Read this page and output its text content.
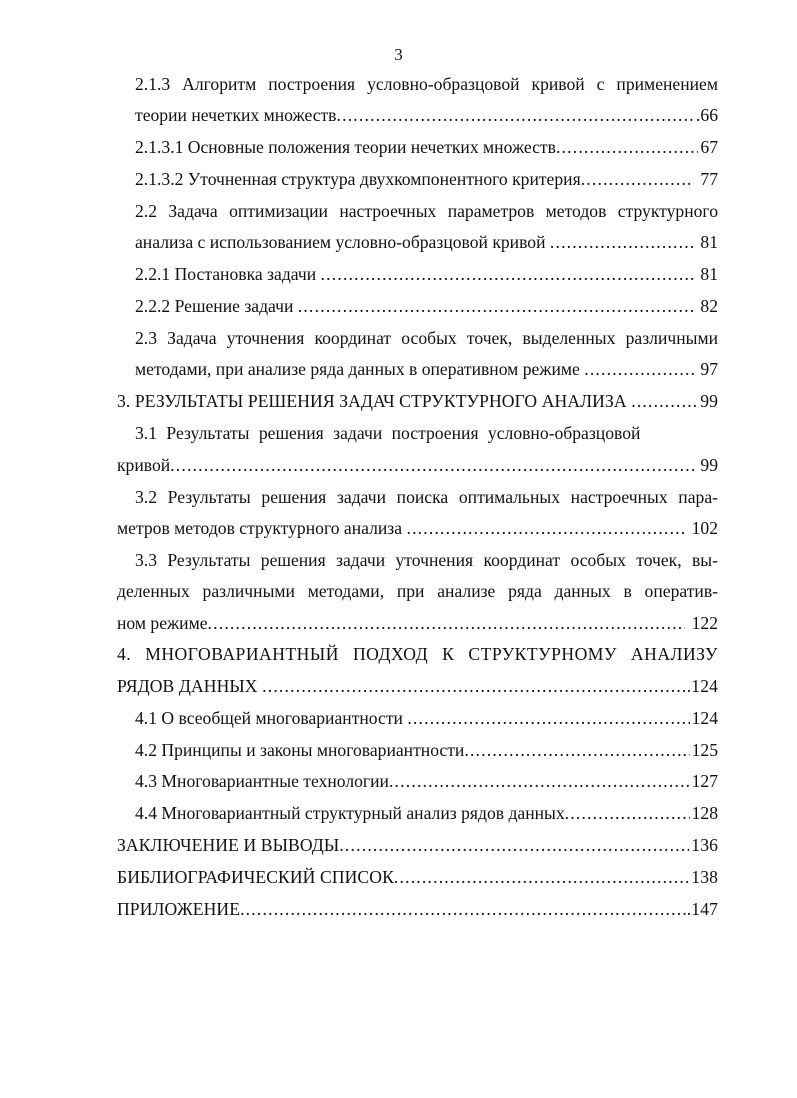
3
2.1.3 Алгоритм построения условно-образцовой кривой с применением
теории нечетких множеств .....	.66
2.1.3.1 Основные положения теории нечетких множеств .....	67
2.1.3.2 Уточненная структура двухкомпонентного критерия .....	77
2.2 Задача оптимизации настроечных параметров методов структурного
анализа с использованием условно-образцовой кривой .....	81
2.2.1 Постановка задачи .....	81
2.2.2 Решение задачи .....	82
2.3 Задача уточнения координат особых точек, выделенных различными
методами, при анализе ряда данных в оперативном режиме .....	97
3. РЕЗУЛЬТАТЫ РЕШЕНИЯ ЗАДАЧ СТРУКТУРНОГО АНАЛИЗА .....	99
3.1 Результаты решения задачи построения условно-образцовой
кривой .....	99
3.2 Результаты решения задачи поиска оптимальных настроечных пара-
метров методов структурного анализа .....	102
3.3 Результаты решения задачи уточнения координат особых точек, вы-
деленных различными методами, при анализе ряда данных в оператив-
ном режиме .....	122
4. МНОГОВАРИАНТНЫЙ ПОДХОД К СТРУКТУРНОМУ АНАЛИЗУ
РЯДОВ ДАННЫХ .....	.124
4.1 О всеобщей многовариантности .....	124
4.2 Принципы и законы многовариантности .....	125
4.3 Многовариантные технологии .....	127
4.4 Многовариантный структурный анализ рядов данных .....	128
ЗАКЛЮЧЕНИЕ И ВЫВОДЫ .....	136
БИБЛИОГРАФИЧЕСКИЙ СПИСОК .....	138
ПРИЛОЖЕНИЕ .....	..147
